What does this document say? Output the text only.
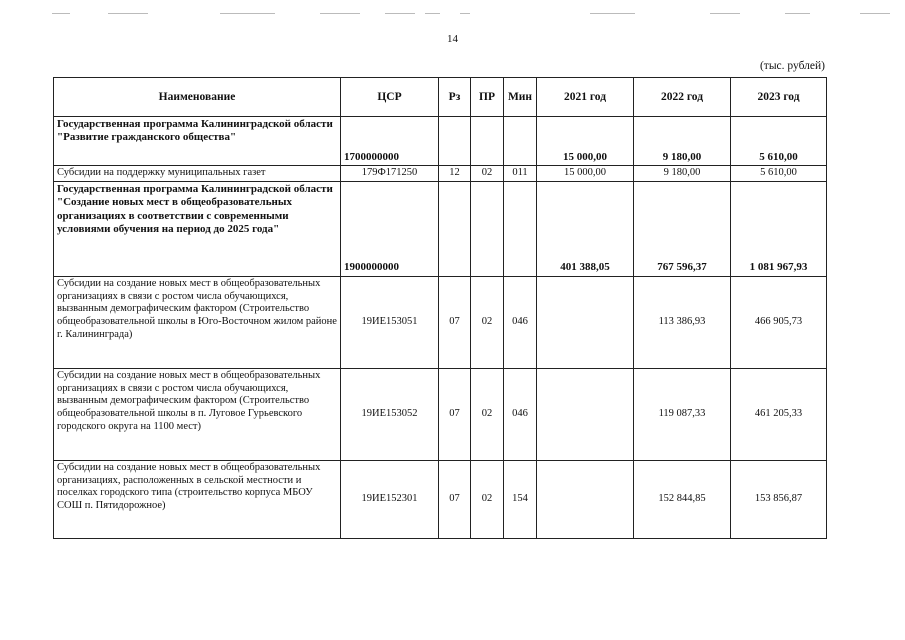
14
(тыс. рублей)
Наименование	ЦСР	Рз	ПР	Мин	2021 год	2022 год	2023 год
Государственная программа Калининградской области "Развитие гражданского общества"	1700000000				15 000,00	9 180,00	5 610,00
Субсидии на поддержку муниципальных газет	179Ф171250	12	02	011	15 000,00	9 180,00	5 610,00
Государственная программа Калининградской области "Создание новых мест в общеобразовательных организациях в соответствии с современными условиями обучения на период до 2025 года"	1900000000				401 388,05	767 596,37	1 081 967,93
Субсидии на создание новых мест в общеобразовательных организациях в связи с ростом числа обучающихся, вызванным демографическим фактором (Строительство общеобразовательной школы в Юго-Восточном жилом районе г. Калининграда)	19ИЕ153051	07	02	046		113 386,93	466 905,73
Субсидии на создание новых мест в общеобразовательных организациях в связи с ростом числа обучающихся, вызванным демографическим фактором (Строительство общеобразовательной школы в п. Луговое Гурьевского городского округа на 1100 мест)	19ИЕ153052	07	02	046		119 087,33	461 205,33
Субсидии на создание новых мест в общеобразовательных организациях, расположенных в сельской местности и поселках городского типа (строительство корпуса МБОУ СОШ п. Пятидорожное)	19ИЕ152301	07	02	154		152 844,85	153 856,87
